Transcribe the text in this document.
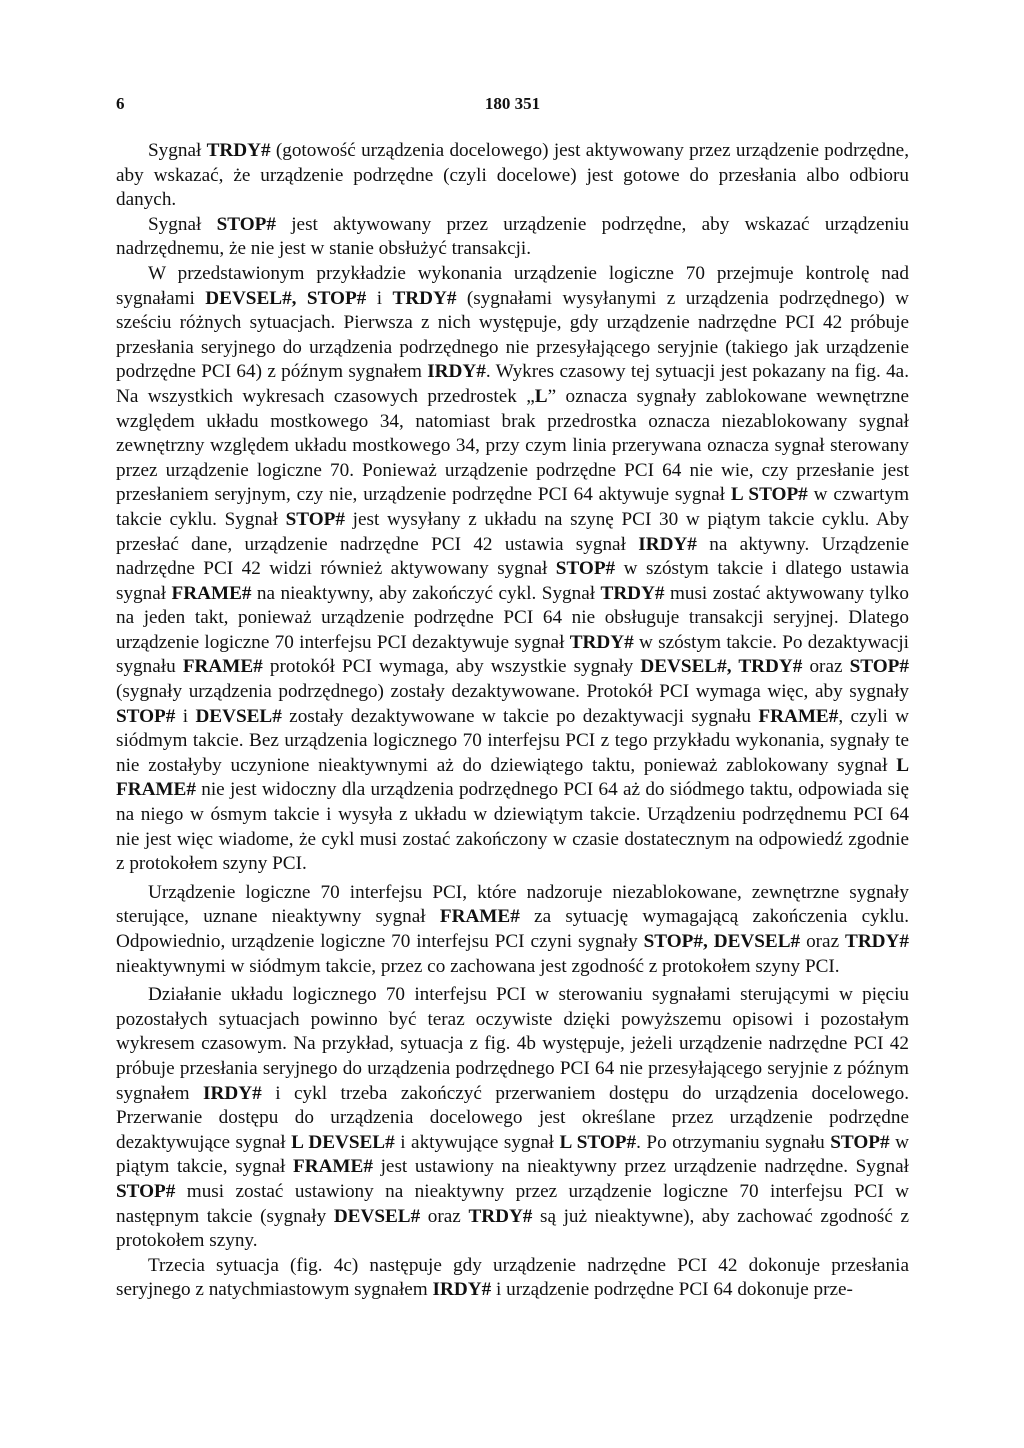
6	180 351

Sygnał TRDY# (gotowość urządzenia docelowego) jest aktywowany przez urządzenie podrzędne, aby wskazać, że urządzenie podrzędne (czyli docelowe) jest gotowe do przesłania albo odbioru danych.

Sygnał STOP# jest aktywowany przez urządzenie podrzędne, aby wskazać urządzeniu nadrzędnemu, że nie jest w stanie obsłużyć transakcji.

W przedstawionym przykładzie wykonania urządzenie logiczne 70 przejmuje kontrolę nad sygnałami DEVSEL#, STOP# i TRDY# (sygnałami wysyłanymi z urządzenia podrzędnego) w sześciu różnych sytuacjach. Pierwsza z nich występuje, gdy urządzenie nadrzędne PCI 42 próbuje przesłania seryjnego do urządzenia podrzędnego nie przesyłającego seryjnie (takiego jak urządzenie podrzędne PCI 64) z późnym sygnałem IRDY#. Wykres czasowy tej sytuacji jest pokazany na fig. 4a. Na wszystkich wykresach czasowych przedrostek „L” oznacza sygnały zablokowane wewnętrzne względem układu mostkowego 34, natomiast brak przedrostka oznacza niezablokowany sygnał zewnętrzny względem układu mostkowego 34, przy czym linia przerywana oznacza sygnał sterowany przez urządzenie logiczne 70. Ponieważ urządzenie podrzędne PCI 64 nie wie, czy przesłanie jest przesłaniem seryjnym, czy nie, urządzenie podrzędne PCI 64 aktywuje sygnał L STOP# w czwartym takcie cyklu. Sygnał STOP# jest wysyłany z układu na szynę PCI 30 w piątym takcie cyklu. Aby przesłać dane, urządzenie nadrzędne PCI 42 ustawia sygnał IRDY# na aktywny. Urządzenie nadrzędne PCI 42 widzi również aktywowany sygnał STOP# w szóstym takcie i dlatego ustawia sygnał FRAME# na nieaktywny, aby zakończyć cykl. Sygnał TRDY# musi zostać aktywowany tylko na jeden takt, ponieważ urządzenie podrzędne PCI 64 nie obsługuje transakcji seryjnej. Dlatego urządzenie logiczne 70 interfejsu PCI dezaktywuje sygnał TRDY# w szóstym takcie. Po dezaktywacji sygnału FRAME# protokół PCI wymaga, aby wszystkie sygnały DEVSEL#, TRDY# oraz STOP# (sygnały urządzenia podrzędnego) zostały dezaktywowane. Protokół PCI wymaga więc, aby sygnały STOP# i DEVSEL# zostały dezaktywowane w takcie po dezaktywacji sygnału FRAME#, czyli w siódmym takcie. Bez urządzenia logicznego 70 interfejsu PCI z tego przykładu wykonania, sygnały te nie zostałyby uczynione nieaktywnymi aż do dziewiątego taktu, ponieważ zablokowany sygnał L FRAME# nie jest widoczny dla urządzenia podrzędnego PCI 64 aż do siódmego taktu, odpowiada się na niego w ósmym takcie i wysyła z układu w dziewiątym takcie. Urządzeniu podrzędnemu PCI 64 nie jest więc wiadome, że cykl musi zostać zakończony w czasie dostatecznym na odpowiedź zgodnie z protokołem szyny PCI.

Urządzenie logiczne 70 interfejsu PCI, które nadzoruje niezablokowane, zewnętrzne sygnały sterujące, uznane nieaktywny sygnał FRAME# za sytuację wymagającą zakończenia cyklu. Odpowiednio, urządzenie logiczne 70 interfejsu PCI czyni sygnały STOP#, DEVSEL# oraz TRDY# nieaktywnymi w siódmym takcie, przez co zachowana jest zgodność z protokołem szyny PCI.

Działanie układu logicznego 70 interfejsu PCI w sterowaniu sygnałami sterującymi w pięciu pozostałych sytuacjach powinno być teraz oczywiste dzięki powyższemu opisowi i pozostałym wykresem czasowym. Na przykład, sytuacja z fig. 4b występuje, jeżeli urządzenie nadrzędne PCI 42 próbuje przesłania seryjnego do urządzenia podrzędnego PCI 64 nie przesyłającego seryjnie z późnym sygnałem IRDY# i cykl trzeba zakończyć przerwaniem dostępu do urządzenia docelowego. Przerwanie dostępu do urządzenia docelowego jest określane przez urządzenie podrzędne dezaktywujące sygnał L DEVSEL# i aktywujące sygnał L STOP#. Po otrzymaniu sygnału STOP# w piątym takcie, sygnał FRAME# jest ustawiony na nieaktywny przez urządzenie nadrzędne. Sygnał STOP# musi zostać ustawiony na nieaktywny przez urządzenie logiczne 70 interfejsu PCI w następnym takcie (sygnały DEVSEL# oraz TRDY# są już nieaktywne), aby zachować zgodność z protokołem szyny.

Trzecia sytuacja (fig. 4c) następuje gdy urządzenie nadrzędne PCI 42 dokonuje przesłania seryjnego z natychmiastowym sygnałem IRDY# i urządzenie podrzędne PCI 64 dokonuje prze-
